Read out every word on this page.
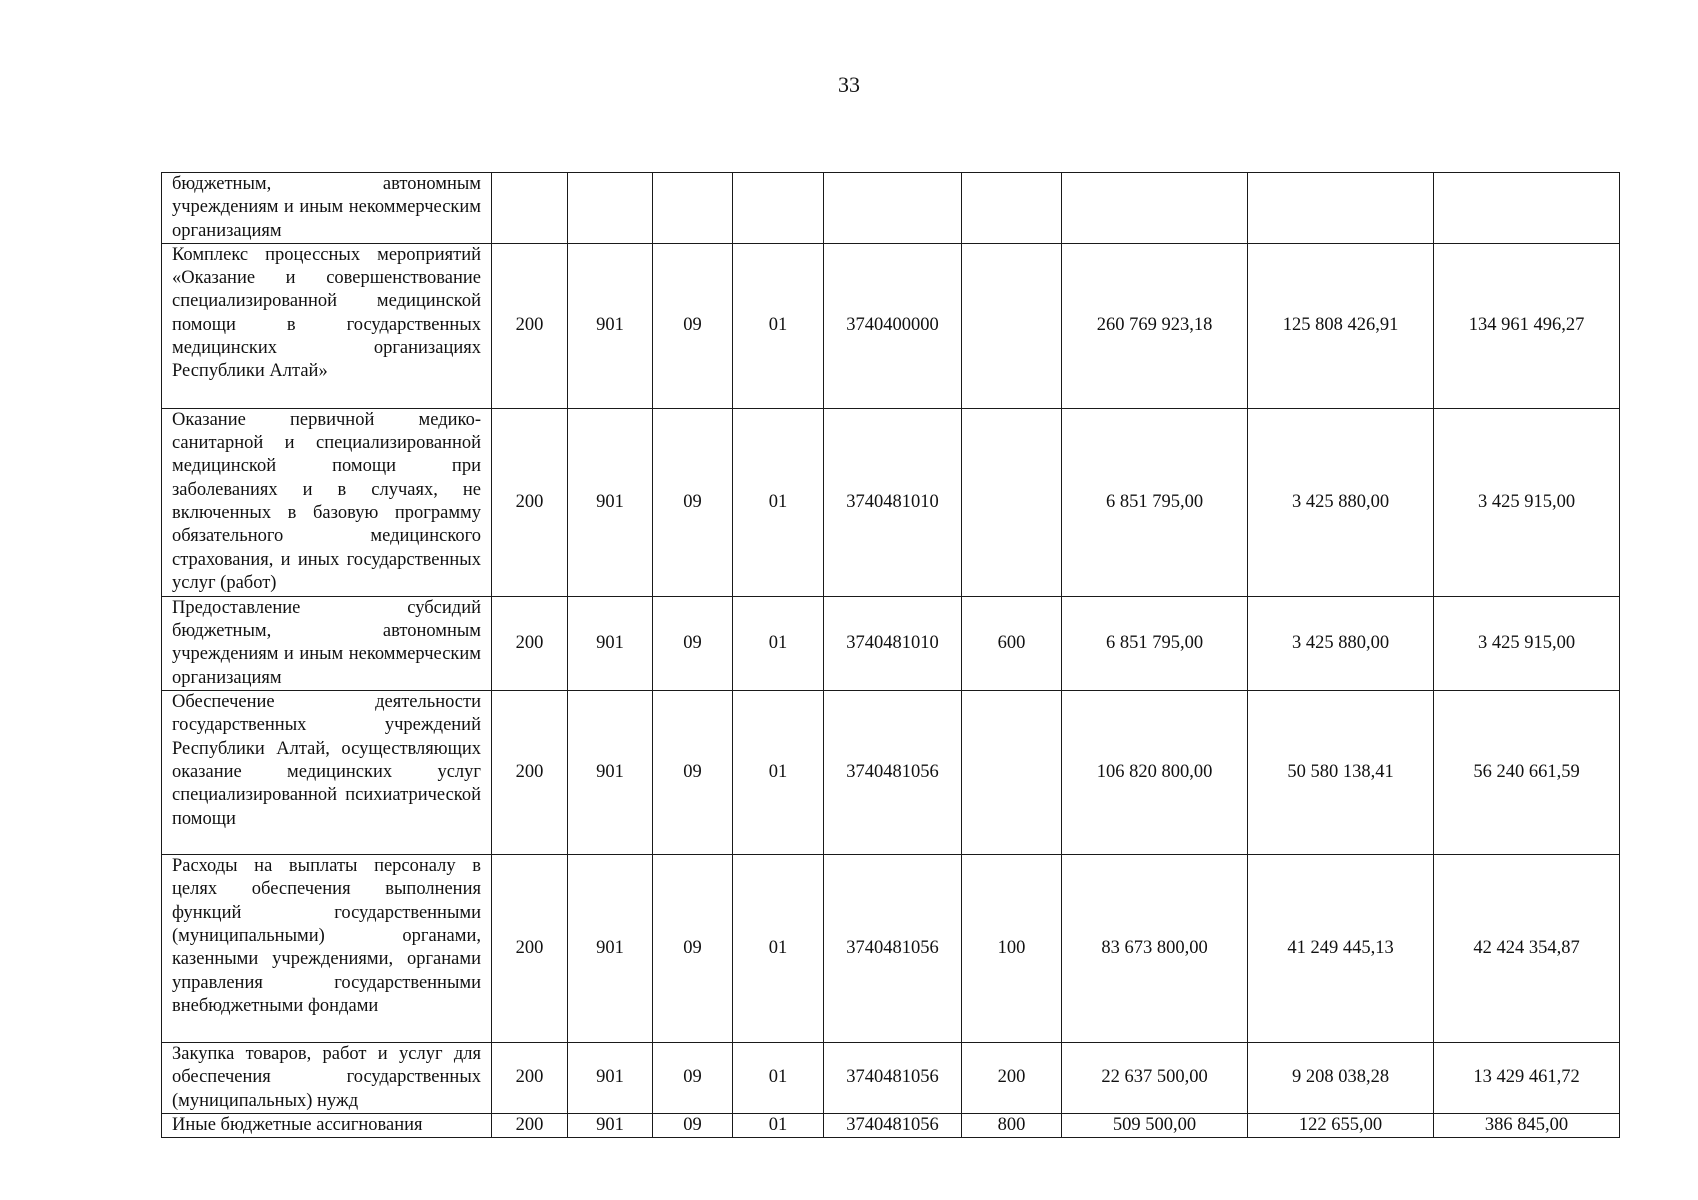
33
бюджетным, автономным учреждениям и иным некоммерческим организациям									

Комплекс процессных мероприятий «Оказание и совершенствование специализированной медицинской помощи в государственных медицинских организациях Республики Алтай»	200	901	09	01	3740400000		260 769 923,18	125 808 426,91	134 961 496,27

Оказание первичной медико-санитарной и специализированной медицинской помощи при заболеваниях и в случаях, не включенных в базовую программу обязательного медицинского страхования, и иных государственных услуг (работ)	200	901	09	01	3740481010		6 851 795,00	3 425 880,00	3 425 915,00

Предоставление субсидий бюджетным, автономным учреждениям и иным некоммерческим организациям	200	901	09	01	3740481010	600	6 851 795,00	3 425 880,00	3 425 915,00

Обеспечение деятельности государственных учреждений Республики Алтай, осуществляющих оказание медицинских услуг специализированной психиатрической помощи	200	901	09	01	3740481056		106 820 800,00	50 580 138,41	56 240 661,59

Расходы на выплаты персоналу в целях обеспечения выполнения функций государственными (муниципальными) органами, казенными учреждениями, органами управления государственными внебюджетными фондами	200	901	09	01	3740481056	100	83 673 800,00	41 249 445,13	42 424 354,87

Закупка товаров, работ и услуг для обеспечения государственных (муниципальных) нужд	200	901	09	01	3740481056	200	22 637 500,00	9 208 038,28	13 429 461,72

Иные бюджетные ассигнования	200	901	09	01	3740481056	800	509 500,00	122 655,00	386 845,00
